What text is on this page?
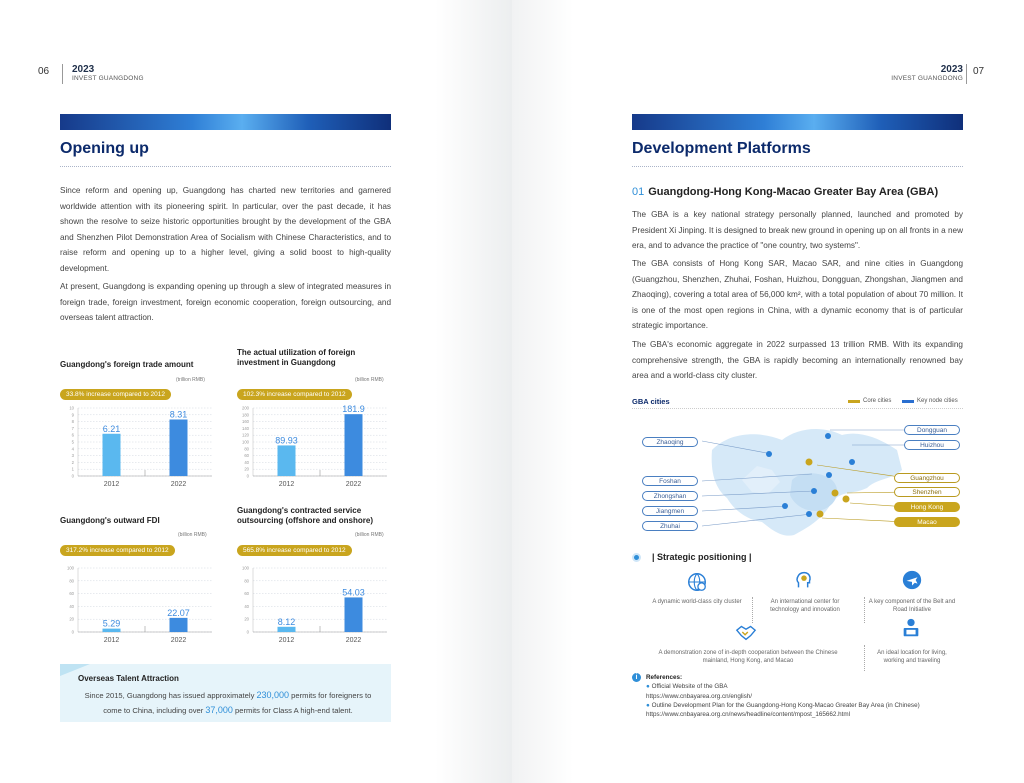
06 2023
INVEST GUANGDONG
Opening up
Since reform and opening up, Guangdong has charted new territories and garnered worldwide attention with its pioneering spirit. In particular, over the past decade, it has shown the resolve to seize historic opportunities brought by the development of the GBA and Shenzhen Pilot Demonstration Area of Socialism with Chinese Characteristics, and to raise reform and opening up to a higher level, giving a solid boost to high-quality development.
At present, Guangdong is expanding opening up through a slew of integrated measures in foreign trade, foreign investment, foreign economic cooperation, foreign outsourcing, and overseas talent attraction.
Guangdong's foreign trade amount
(trillion RMB)
33.8% increase compared to 2012
0
1
2
3
4
5
6
7
8
9
10
6.21
2012
8.31
2022
The actual utilization of foreign investment in Guangdong
(billion RMB)
102.3% increase compared to 2012
0
20
40
60
80
100
120
140
160
180
200
89.93
2012
181.9
2022
Guangdong's outward FDI
(billion RMB)
317.2% increase compared to 2012
0
20
40
60
80
100
5.29
2012
22.07
2022
Guangdong's contracted service outsourcing (offshore and onshore)
(billion RMB)
565.8% increase compared to 2012
0
20
40
60
80
100
8.12
2012
54.03
2022
Overseas Talent Attraction
Since 2015, Guangdong has issued approximately 230,000 permits for foreigners to come to China, including over 37,000 permits for Class A high-end talent.
2023
INVEST GUANGDONG
07
Development Platforms
01 Guangdong-Hong Kong-Macao Greater Bay Area (GBA)
The GBA is a key national strategy personally planned, launched and promoted by President Xi Jinping. It is designed to break new ground in opening up on all fronts in a new era, and to advance the practice of "one country, two systems".
The GBA consists of Hong Kong SAR, Macao SAR, and nine cities in Guangdong (Guangzhou, Shenzhen, Zhuhai, Foshan, Huizhou, Dongguan, Zhongshan, Jiangmen and Zhaoqing), covering a total area of 56,000 km², with a total population of about 70 million. It is one of the most open regions in China, with a dynamic economy that is of particular strategic importance.
The GBA's economic aggregate in 2022 surpassed 13 trillion RMB. With its expanding comprehensive strength, the GBA is rapidly becoming an internationally renowned bay area and a world-class city cluster.
GBA cities	Core cities	Key node cities
Zhaoqing
Foshan
Zhongshan
Jiangmen
Zhuhai
Dongguan
Huizhou
Guangzhou
Shenzhen
Hong Kong
Macao
| Strategic positioning |
A dynamic world-class city cluster	An international center for technology and innovation
A key component of the Belt and Road Initiative
A demonstration zone of in-depth cooperation between the Chinese mainland, Hong Kong, and Macao
An ideal location for living, working and traveling
i	References:
● Official Website of the GBA
https://www.cnbayarea.org.cn/english/
● Outline Development Plan for the Guangdong-Hong Kong-Macao Greater Bay Area (in Chinese)
https://www.cnbayarea.org.cn/news/headline/content/mpost_165662.html
